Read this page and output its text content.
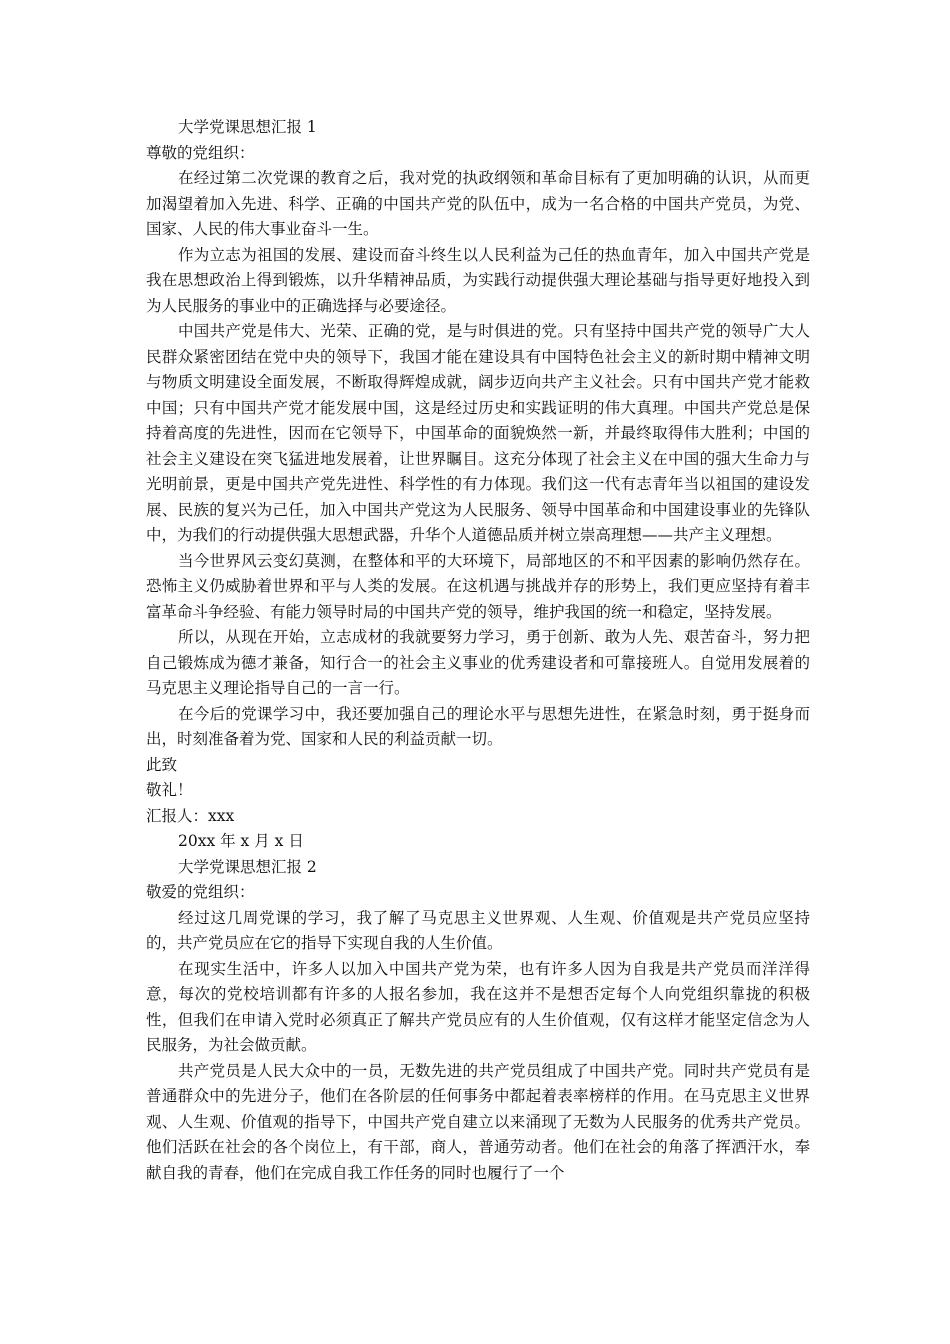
大学党课思想汇报 1
尊敬的党组织：

在经过第二次党课的教育之后，我对党的执政纲领和革命目标有了更加明确的认识，从而更加渴望着加入先进、科学、正确的中国共产党的队伍中，成为一名合格的中国共产党员，为党、国家、人民的伟大事业奋斗一生。

作为立志为祖国的发展、建设而奋斗终生以人民利益为己任的热血青年，加入中国共产党是我在思想政治上得到锻炼，以升华精神品质，为实践行动提供强大理论基础与指导更好地投入到为人民服务的事业中的正确选择与必要途径。

中国共产党是伟大、光荣、正确的党，是与时俱进的党。只有坚持中国共产党的领导广大人民群众紧密团结在党中央的领导下，我国才能在建设具有中国特色社会主义的新时期中精神文明与物质文明建设全面发展，不断取得辉煌成就，阔步迈向共产主义社会。只有中国共产党才能救中国；只有中国共产党才能发展中国，这是经过历史和实践证明的伟大真理。中国共产党总是保持着高度的先进性，因而在它领导下，中国革命的面貌焕然一新，并最终取得伟大胜利；中国的社会主义建设在突飞猛进地发展着，让世界瞩目。这充分体现了社会主义在中国的强大生命力与光明前景，更是中国共产党先进性、科学性的有力体现。我们这一代有志青年当以祖国的建设发展、民族的复兴为己任，加入中国共产党这为人民服务、领导中国革命和中国建设事业的先锋队中，为我们的行动提供强大思想武器，升华个人道德品质并树立崇高理想——共产主义理想。

当今世界风云变幻莫测，在整体和平的大环境下，局部地区的不和平因素的影响仍然存在。恐怖主义仍威胁着世界和平与人类的发展。在这机遇与挑战并存的形势上，我们更应坚持有着丰富革命斗争经验、有能力领导时局的中国共产党的领导，维护我国的统一和稳定，坚持发展。

所以，从现在开始，立志成材的我就要努力学习，勇于创新、敢为人先、艰苦奋斗，努力把自己锻炼成为德才兼备，知行合一的社会主义事业的优秀建设者和可靠接班人。自觉用发展着的马克思主义理论指导自己的一言一行。

在今后的党课学习中，我还要加强自己的理论水平与思想先进性，在紧急时刻，勇于挺身而出，时刻准备着为党、国家和人民的利益贡献一切。

此致
敬礼！
汇报人：xxx
20xx 年 x 月 x 日
大学党课思想汇报 2
敬爱的党组织：

经过这几周党课的学习，我了解了马克思主义世界观、人生观、价值观是共产党员应坚持的，共产党员应在它的指导下实现自我的人生价值。

在现实生活中，许多人以加入中国共产党为荣，也有许多人因为自我是共产党员而洋洋得意，每次的党校培训都有许多的人报名参加，我在这并不是想否定每个人向党组织靠拢的积极性，但我们在申请入党时必须真正了解共产党员应有的人生价值观，仅有这样才能坚定信念为人民服务，为社会做贡献。

共产党员是人民大众中的一员，无数先进的共产党员组成了中国共产党。同时共产党员有是普通群众中的先进分子，他们在各阶层的任何事务中都起着表率榜样的作用。在马克思主义世界观、人生观、价值观的指导下，中国共产党自建立以来涌现了无数为人民服务的优秀共产党员。他们活跃在社会的各个岗位上，有干部，商人，普通劳动者。他们在社会的角落了挥洒汗水，奉献自我的青春，他们在完成自我工作任务的同时也履行了一个
